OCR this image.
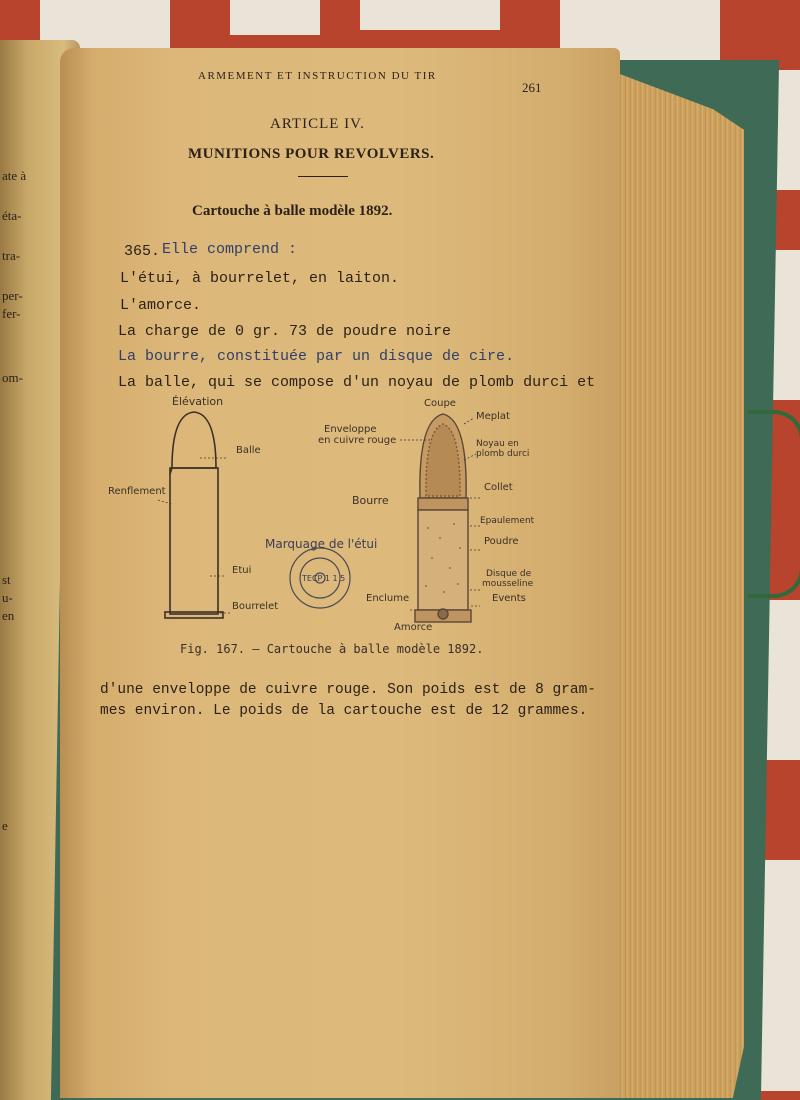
ate à
éta-
tra-
per-
fer-
om-
st
u-
en
e
ARMEMENT ET INSTRUCTION DU TIR
261
ARTICLE IV.
MUNITIONS POUR REVOLVERS.
Cartouche à balle modèle 1892.
365. Elle comprend :
L'étui, à bourrelet, en laiton.
L'amorce.
La charge de 0 gr. 73 de poudre noire
La bourre, constituée par un disque de cire.
La balle, qui se compose d'un noyau de plomb durci et
Élévation
Balle
Renflement
Etui
Bourrelet
Marquage de l'étui
TECP 1 1 5
Coupe
Meplat
Enveloppe
en cuivre rouge	Noyau en
plomb durci
Collet
Bourre
Epaulement
Poudre
Disque de
mousseline
Enclume	Events
Amorce
Fig. 167. — Cartouche à balle modèle 1892.
d'une enveloppe de cuivre rouge. Son poids est de 8 gram-
mes environ. Le poids de la cartouche est de 12 grammes.
